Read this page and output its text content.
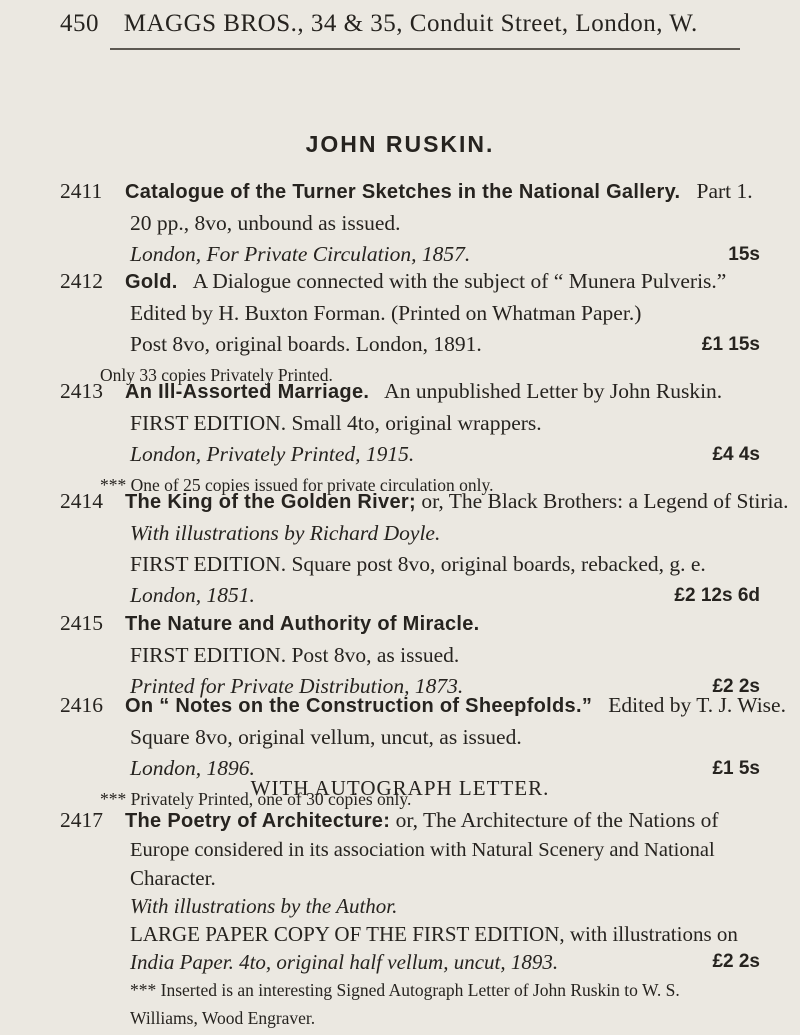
450 MAGGS BROS., 34 & 35, Conduit Street, London, W.
JOHN RUSKIN.
2411 Catalogue of the Turner Sketches in the National Gallery. Part 1.
20 pp., 8vo, unbound as issued.
London, For Private Circulation, 1857.	15s
2412 Gold. A Dialogue connected with the subject of “ Munera Pulveris.”
Edited by H. Buxton Forman. (Printed on Whatman Paper.)
Post 8vo, original boards. London, 1891.	£1 15s
Only 33 copies Privately Printed.
2413 An Ill-Assorted Marriage. An unpublished Letter by John Ruskin.
FIRST EDITION. Small 4to, original wrappers.
London, Privately Printed, 1915.	£4 4s
*** One of 25 copies issued for private circulation only.
2414 The King of the Golden River; or, The Black Brothers: a Legend of Stiria.
With illustrations by Richard Doyle.
FIRST EDITION. Square post 8vo, original boards, rebacked, g. e.
London, 1851.	£2 12s 6d
2415 The Nature and Authority of Miracle.
FIRST EDITION. Post 8vo, as issued.
Printed for Private Distribution, 1873.	£2 2s
2416 On “ Notes on the Construction of Sheepfolds.” Edited by T. J. Wise.
Square 8vo, original vellum, uncut, as issued.
London, 1896.	£1 5s
*** Privately Printed, one of 30 copies only.
WITH AUTOGRAPH LETTER.
2417 The Poetry of Architecture: or, The Architecture of the Nations of
Europe considered in its association with Natural Scenery and National
Character.
With illustrations by the Author.
LARGE PAPER COPY OF THE FIRST EDITION, with illustrations on
India Paper. 4to, original half vellum, uncut, 1893.	£2 2s
*** Inserted is an interesting Signed Autograph Letter of John Ruskin to W. S.
Williams, Wood Engraver.
